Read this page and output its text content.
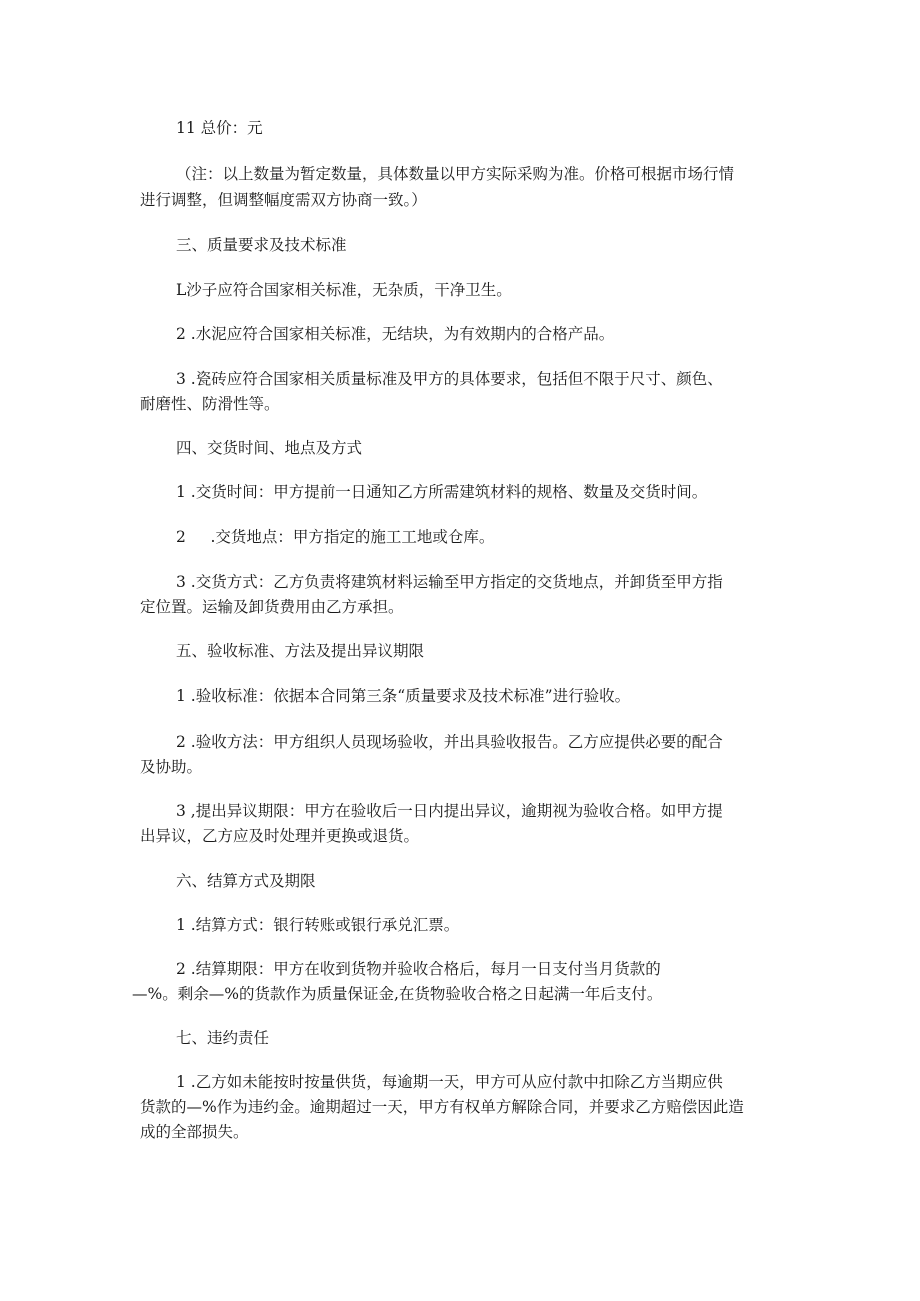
11 总价：元
（注：以上数量为暂定数量，具体数量以甲方实际采购为准。价格可根据市场行情
进行调整，但调整幅度需双方协商一致。）
三、质量要求及技术标准
L沙子应符合国家相关标准，无杂质，干净卫生。
2 .水泥应符合国家相关标准，无结块，为有效期内的合格产品。
3 .瓷砖应符合国家相关质量标准及甲方的具体要求，包括但不限于尺寸、颜色、
耐磨性、防滑性等。
四、交货时间、地点及方式
1 .交货时间：甲方提前一日通知乙方所需建筑材料的规格、数量及交货时间。
2     .交货地点：甲方指定的施工工地或仓库。
3 .交货方式：乙方负责将建筑材料运输至甲方指定的交货地点，并卸货至甲方指
定位置。运输及卸货费用由乙方承担。
五、验收标准、方法及提出异议期限
1 .验收标准：依据本合同第三条“质量要求及技术标准”进行验收。
2 .验收方法：甲方组织人员现场验收，并出具验收报告。乙方应提供必要的配合
及协助。
3 ,提出异议期限：甲方在验收后一日内提出异议，逾期视为验收合格。如甲方提
出异议，乙方应及时处理并更换或退货。
六、结算方式及期限
1 .结算方式：银行转账或银行承兑汇票。
2 .结算期限：甲方在收到货物并验收合格后，每月一日支付当月货款的
—%。剩余—%的货款作为质量保证金,在货物验收合格之日起满一年后支付。
七、违约责任
1 .乙方如未能按时按量供货，每逾期一天，甲方可从应付款中扣除乙方当期应供
货款的—%作为违约金。逾期超过一天，甲方有权单方解除合同，并要求乙方赔偿因此造
成的全部损失。
